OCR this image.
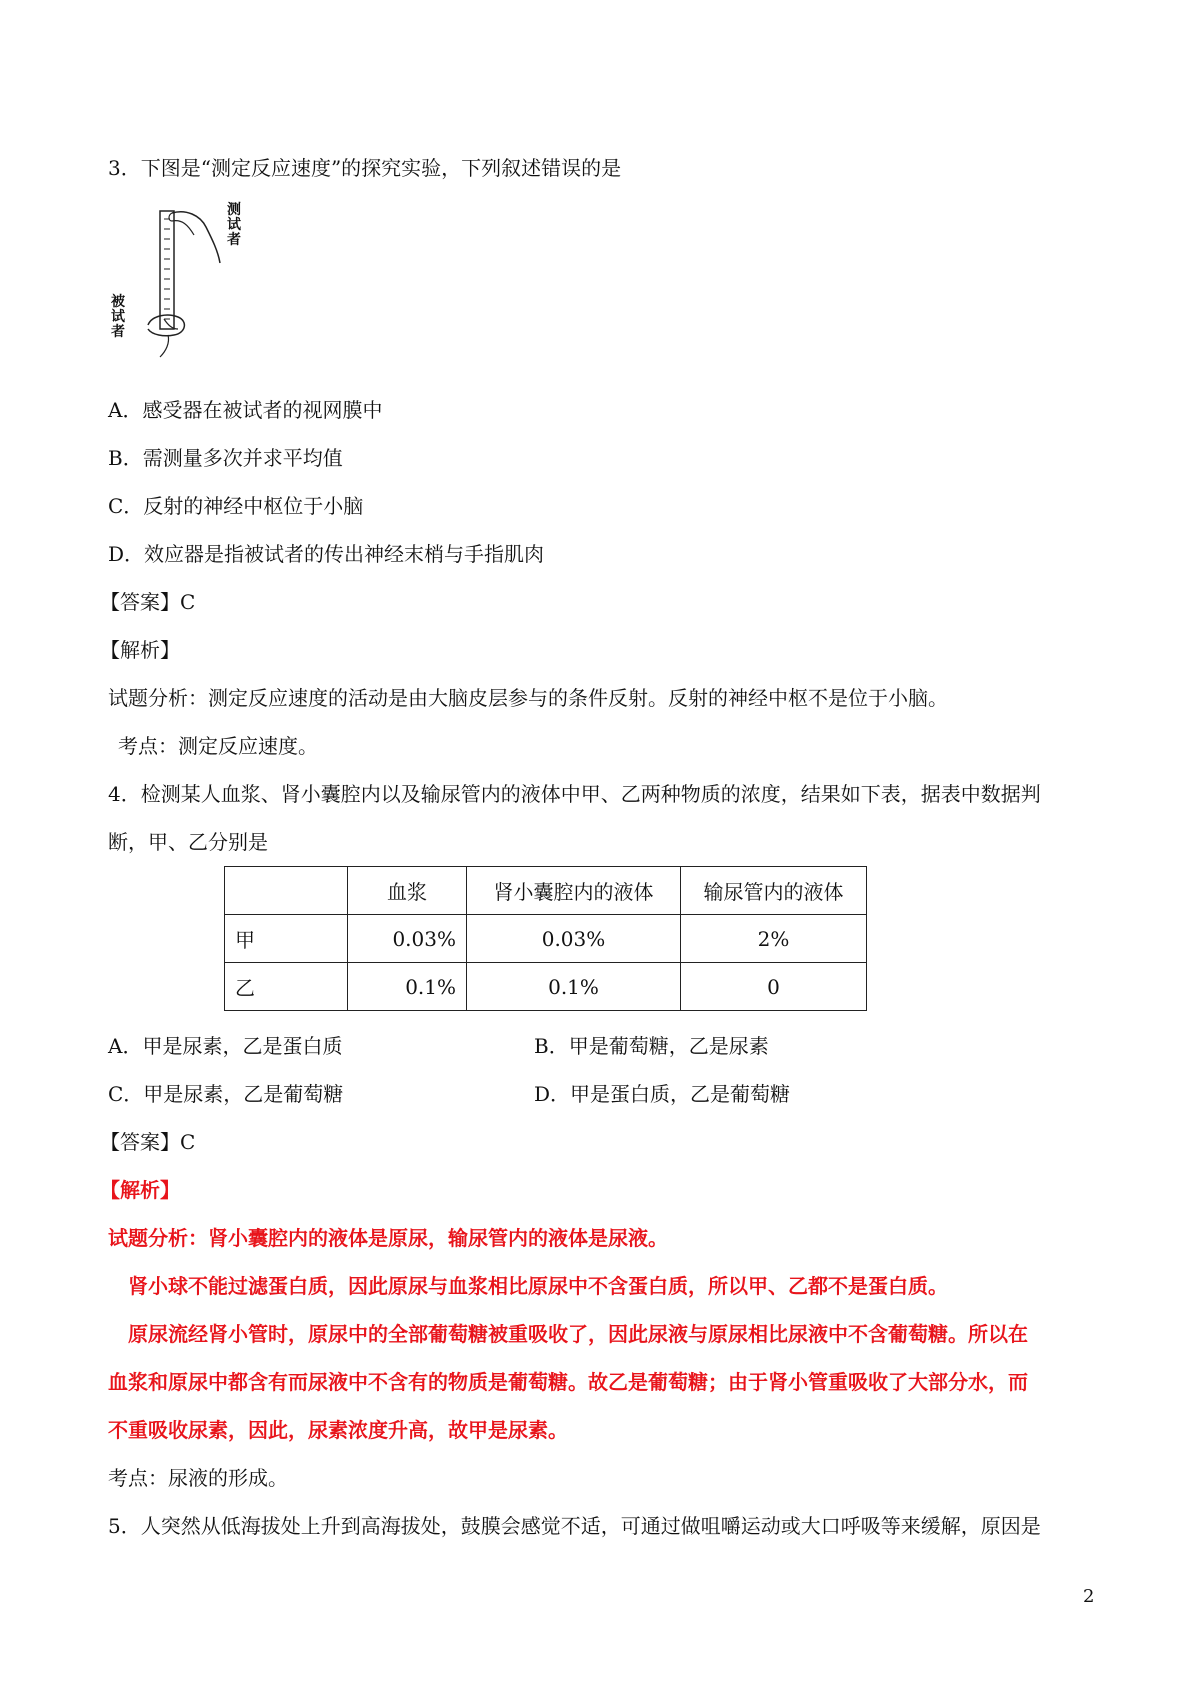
3．下图是“测定反应速度”的探究实验，下列叙述错误的是
测试者
被试者
A．感受器在被试者的视网膜中
B．需测量多次并求平均值
C．反射的神经中枢位于小脑
D．效应器是指被试者的传出神经末梢与手指肌肉
【答案】C
【解析】
试题分析：测定反应速度的活动是由大脑皮层参与的条件反射。反射的神经中枢不是位于小脑。
考点：测定反应速度。
4．检测某人血浆、肾小囊腔内以及输尿管内的液体中甲、乙两种物质的浓度，结果如下表，据表中数据判
断，甲、乙分别是
	血浆	肾小囊腔内的液体	输尿管内的液体
甲	0.03%	0.03%	2%
乙	0.1%	0.1%	0
A．甲是尿素，乙是蛋白质	B．甲是葡萄糖，乙是尿素
C．甲是尿素，乙是葡萄糖	D．甲是蛋白质，乙是葡萄糖
【答案】C
【解析】
试题分析：肾小囊腔内的液体是原尿，输尿管内的液体是尿液。
肾小球不能过滤蛋白质，因此原尿与血浆相比原尿中不含蛋白质，所以甲、乙都不是蛋白质。
原尿流经肾小管时，原尿中的全部葡萄糖被重吸收了，因此尿液与原尿相比尿液中不含葡萄糖。所以在
血浆和原尿中都含有而尿液中不含有的物质是葡萄糖。故乙是葡萄糖；由于肾小管重吸收了大部分水，而
不重吸收尿素，因此，尿素浓度升高，故甲是尿素。
考点：尿液的形成。
5．人突然从低海拔处上升到高海拔处，鼓膜会感觉不适，可通过做咀嚼运动或大口呼吸等来缓解，原因是
2
